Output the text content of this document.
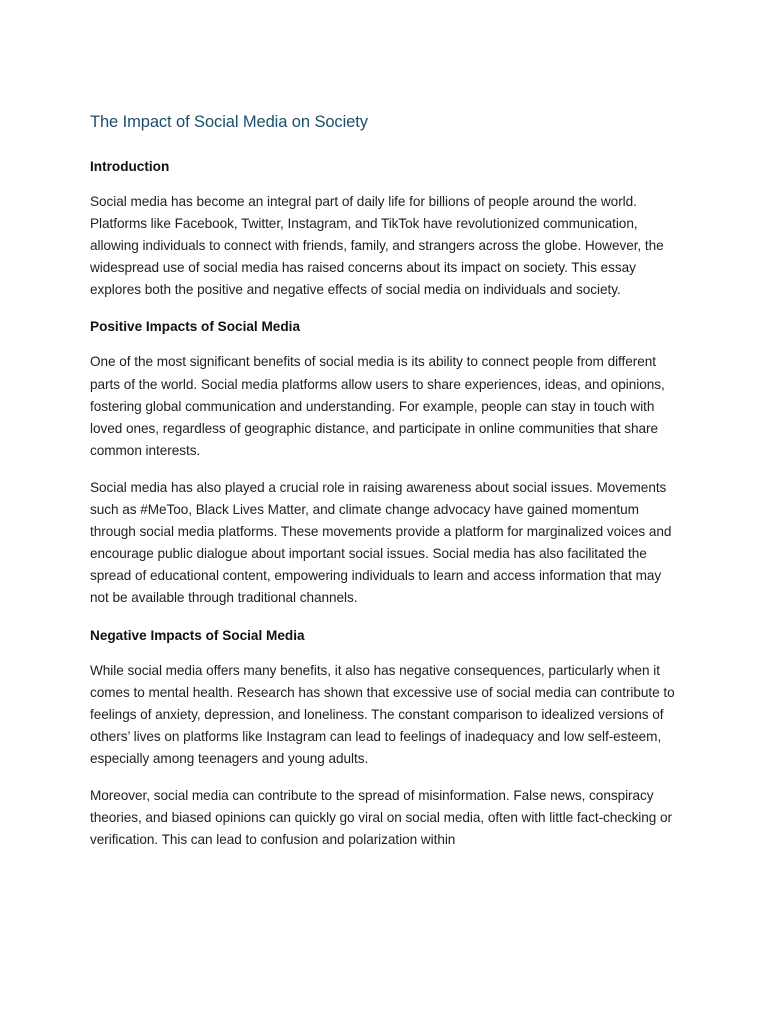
The Impact of Social Media on Society
Introduction

Social media has become an integral part of daily life for billions of people around the world. Platforms like Facebook, Twitter, Instagram, and TikTok have revolutionized communication, allowing individuals to connect with friends, family, and strangers across the globe. However, the widespread use of social media has raised concerns about its impact on society. This essay explores both the positive and negative effects of social media on individuals and society.

Positive Impacts of Social Media

One of the most significant benefits of social media is its ability to connect people from different parts of the world. Social media platforms allow users to share experiences, ideas, and opinions, fostering global communication and understanding. For example, people can stay in touch with loved ones, regardless of geographic distance, and participate in online communities that share common interests.

Social media has also played a crucial role in raising awareness about social issues. Movements such as #MeToo, Black Lives Matter, and climate change advocacy have gained momentum through social media platforms. These movements provide a platform for marginalized voices and encourage public dialogue about important social issues. Social media has also facilitated the spread of educational content, empowering individuals to learn and access information that may not be available through traditional channels.

Negative Impacts of Social Media

While social media offers many benefits, it also has negative consequences, particularly when it comes to mental health. Research has shown that excessive use of social media can contribute to feelings of anxiety, depression, and loneliness. The constant comparison to idealized versions of others’ lives on platforms like Instagram can lead to feelings of inadequacy and low self-esteem, especially among teenagers and young adults.

Moreover, social media can contribute to the spread of misinformation. False news, conspiracy theories, and biased opinions can quickly go viral on social media, often with little fact-checking or verification. This can lead to confusion and polarization within
